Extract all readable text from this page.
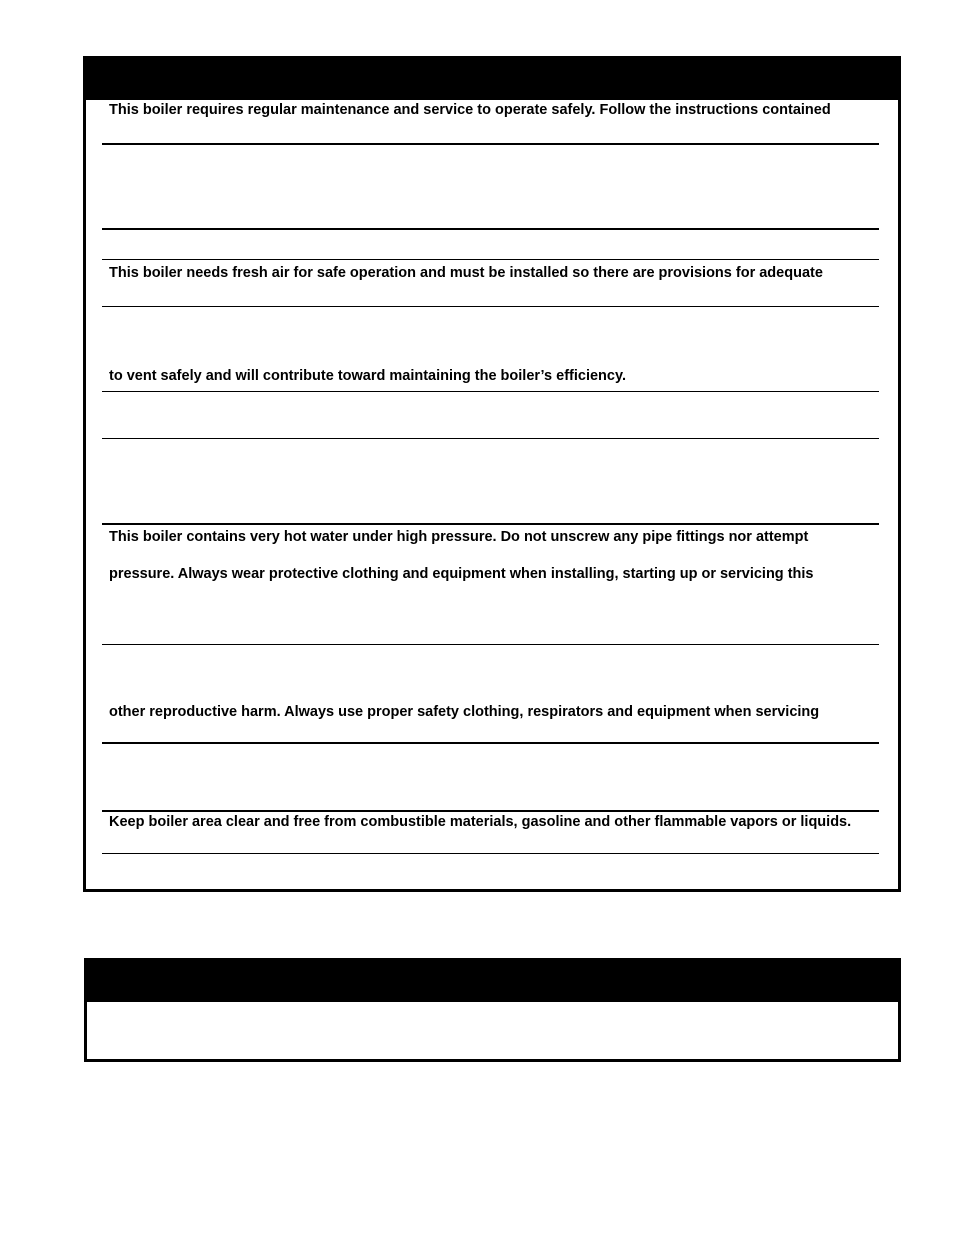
This boiler requires regular maintenance and service to operate safely. Follow the instructions contained
This boiler needs fresh air for safe operation and must be installed so there are provisions for adequate
to vent safely and will contribute toward maintaining the boiler’s efficiency.
This boiler contains very hot water under high pressure. Do not unscrew any pipe fittings nor attempt
pressure. Always wear protective clothing and equipment when installing, starting up or servicing this
other reproductive harm. Always use proper safety clothing, respirators and equipment when servicing
Keep boiler area clear and free from combustible materials, gasoline and other flammable vapors or liquids.
